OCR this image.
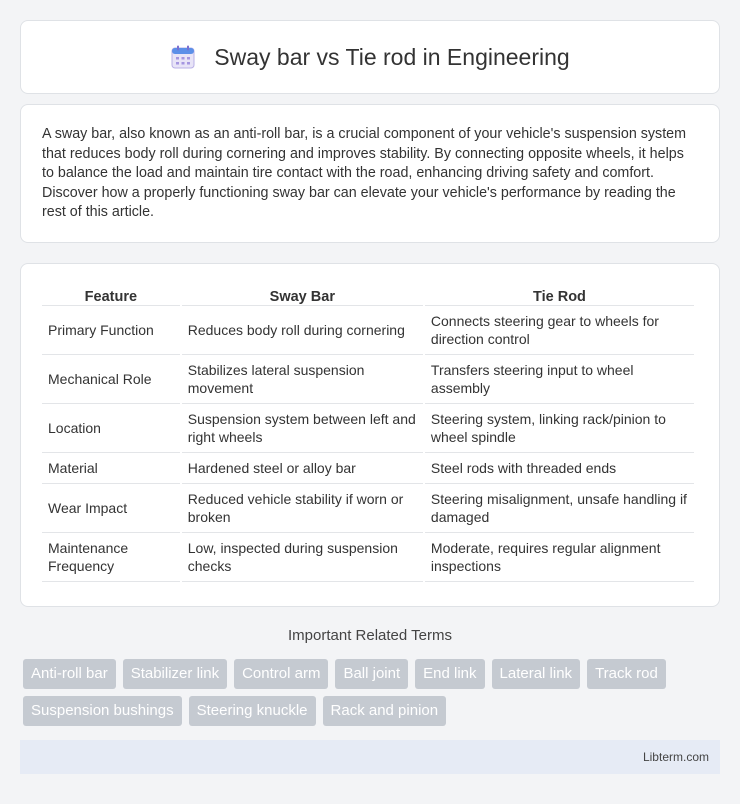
Sway bar vs Tie rod in Engineering

A sway bar, also known as an anti-roll bar, is a crucial component of your vehicle's suspension system that reduces body roll during cornering and improves stability. By connecting opposite wheels, it helps to balance the load and maintain tire contact with the road, enhancing driving safety and comfort. Discover how a properly functioning sway bar can elevate your vehicle's performance by reading the rest of this article.

Feature	Sway Bar	Tie Rod
Primary Function	Reduces body roll during cornering	Connects steering gear to wheels for direction control
Mechanical Role	Stabilizes lateral suspension movement	Transfers steering input to wheel assembly
Location	Suspension system between left and right wheels	Steering system, linking rack/pinion to wheel spindle
Material	Hardened steel or alloy bar	Steel rods with threaded ends
Wear Impact	Reduced vehicle stability if worn or broken	Steering misalignment, unsafe handling if damaged
Maintenance Frequency	Low, inspected during suspension checks	Moderate, requires regular alignment inspections
Important Related Terms
Anti-roll bar	Stabilizer link	Control arm	Ball joint	End link	Lateral link	Track rod
Suspension bushings	Steering knuckle	Rack and pinion
Libterm.com
